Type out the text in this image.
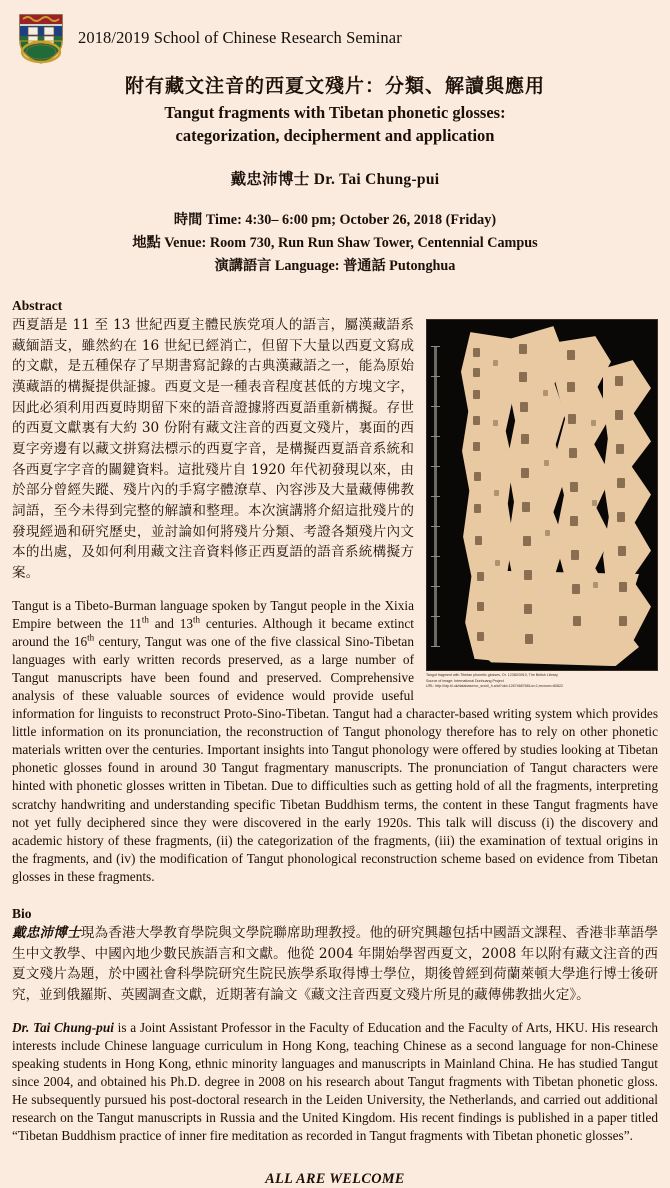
2018/2019 School of Chinese Research Seminar
附有藏文注音的西夏文殘片：分類、解讀與應用
Tangut fragments with Tibetan phonetic glosses:
categorization, decipherment and application
戴忠沛博士 Dr. Tai Chung-pui
時間 Time: 4:30– 6:00 pm; October 26, 2018 (Friday)
地點 Venue: Room 730, Run Run Shaw Tower, Centennial Campus
演講語言 Language: 普通話 Putonghua
Abstract
Tangut fragment with Tibetan phonetic glosses, Or. 12380/3910, The British Library
Source of image: International Dunhuang Project
URL: http://idp.bl.uk/database/oo_scroll_h.a4d?uid=12674687681or=1;recnum=80822

西夏語是 11 至 13 世紀西夏主體民族党項人的語言，屬漢藏語系藏緬語支，雖然約在 16 世紀已經消亡，但留下大量以西夏文寫成的文獻，是五種保存了早期書寫記錄的古典漢藏語之一，能為原始漢藏語的構擬提供証據。西夏文是一種表音程度甚低的方塊文字，因此必須利用西夏時期留下來的語音證據將西夏語重新構擬。存世的西夏文獻裏有大約 30 份附有藏文注音的西夏文殘片，裏面的西夏字旁邊有以藏文拼寫法標示的西夏字音，是構擬西夏語音系統和各西夏字字音的關鍵資料。這批殘片自 1920 年代初發現以來，由於部分曾經失蹤、殘片內的手寫字體潦草、內容涉及大量藏傳佛教詞語，至今未得到完整的解讀和整理。本次演講將介紹這批殘片的發現經過和研究歷史，並討論如何將殘片分類、考證各類殘片內文本的出處，及如何利用藏文注音資料修正西夏語的語音系統構擬方案。

Tangut is a Tibeto-Burman language spoken by Tangut people in the Xixia Empire between the 11th and 13th centuries. Although it became extinct around the 16th century, Tangut was one of the five classical Sino-Tibetan languages with early written records preserved, as a large number of Tangut manuscripts have been found and preserved. Comprehensive analysis of these valuable sources of evidence would provide useful information for linguists to reconstruct Proto-Sino-Tibetan. Tangut had a character-based writing system which provides little information on its pronunciation, the reconstruction of Tangut phonology therefore has to rely on other phonetic materials written over the centuries. Important insights into Tangut phonology were offered by studies looking at Tibetan phonetic glosses found in around 30 Tangut fragmentary manuscripts. The pronunciation of Tangut characters were hinted with phonetic glosses written in Tibetan. Due to difficulties such as getting hold of all the fragments, interpreting scratchy handwriting and understanding specific Tibetan Buddhism terms, the content in these Tangut fragments have not yet fully deciphered since they were discovered in the early 1920s. This talk will discuss (i) the discovery and academic history of these fragments, (ii) the categorization of the fragments, (iii) the examination of textual origins in the fragments, and (iv) the modification of Tangut phonological reconstruction scheme based on evidence from Tibetan glosses in these fragments.

Bio

戴忠沛博士現為香港大學教育學院與文學院聯席助理教授。他的研究興趣包括中國語文課程、香港非華語學生中文教學、中國內地少數民族語言和文獻。他從 2004 年開始學習西夏文，2008 年以附有藏文注音的西夏文殘片為題，於中國社會科學院研究生院民族學系取得博士學位，期後曾經到荷蘭萊頓大學進行博士後研究，並到俄羅斯、英國調查文獻，近期著有論文《藏文注音西夏文殘片所見的藏傳佛教拙火定》。

Dr. Tai Chung-pui is a Joint Assistant Professor in the Faculty of Education and the Faculty of Arts, HKU. His research interests include Chinese language curriculum in Hong Kong, teaching Chinese as a second language for non-Chinese speaking students in Hong Kong, ethnic minority languages and manuscripts in Mainland China. He has studied Tangut since 2004, and obtained his Ph.D. degree in 2008 on his research about Tangut fragments with Tibetan phonetic gloss. He subsequently pursued his post-doctoral research in the Leiden University, the Netherlands, and carried out additional research on the Tangut manuscripts in Russia and the United Kingdom. His recent findings is published in a paper titled “Tibetan Buddhism practice of inner fire meditation as recorded in Tangut fragments with Tibetan phonetic glosses”.

ALL ARE WELCOME
